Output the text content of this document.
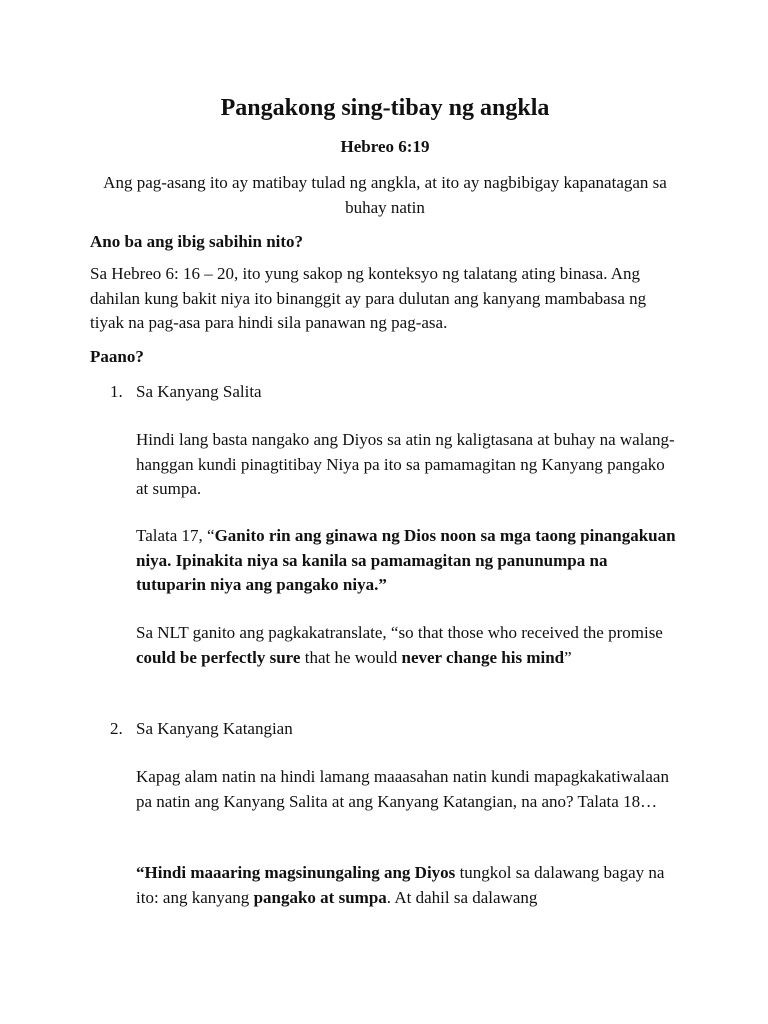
Pangakong sing-tibay ng angkla
Hebreo 6:19

Ang pag-asang ito ay matibay tulad ng angkla, at ito ay nagbibigay kapanatagan sa buhay natin

Ano ba ang ibig sabihin nito?

Sa Hebreo 6: 16 – 20, ito yung sakop ng konteksyo ng talatang ating binasa. Ang dahilan kung bakit niya ito binanggit ay para dulutan ang kanyang mambabasa ng tiyak na pag-asa para hindi sila panawan ng pag-asa.

Paano?

1. Sa Kanyang Salita

Hindi lang basta nangako ang Diyos sa atin ng kaligtasana at buhay na walang-hanggan kundi pinagtitibay Niya pa ito sa pamamagitan ng Kanyang pangako at sumpa.

Talata 17, “Ganito rin ang ginawa ng Dios noon sa mga taong pinangakuan niya. Ipinakita niya sa kanila sa pamamagitan ng panunumpa na tutuparin niya ang pangako niya.”

Sa NLT ganito ang pagkakatranslate, “so that those who received the promise could be perfectly sure that he would never change his mind”

2. Sa Kanyang Katangian

Kapag alam natin na hindi lamang maaasahan natin kundi mapagkakatiwalaan pa natin ang Kanyang Salita at ang Kanyang Katangian, na ano? Talata 18…

“Hindi maaaring magsinungaling ang Diyos tungkol sa dalawang bagay na ito: ang kanyang pangako at sumpa. At dahil sa dalawang
